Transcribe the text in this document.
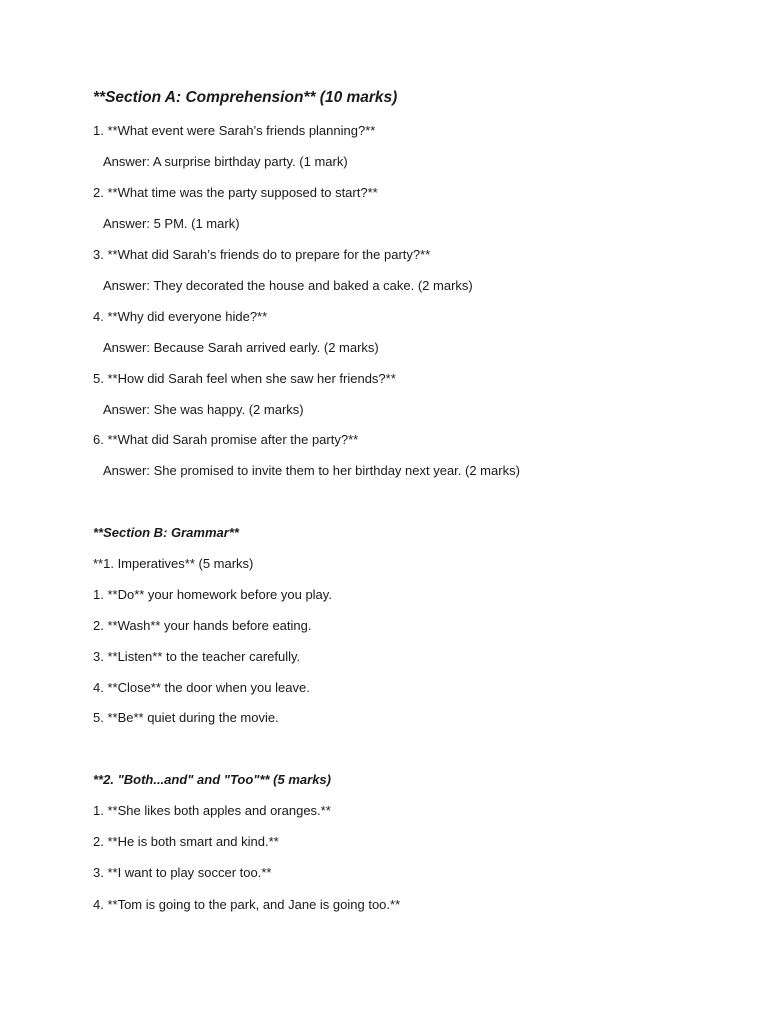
**Section A: Comprehension** (10 marks)
1. **What event were Sarah’s friends planning?**
Answer: A surprise birthday party. (1 mark)
2. **What time was the party supposed to start?**
Answer: 5 PM. (1 mark)
3. **What did Sarah’s friends do to prepare for the party?**
Answer: They decorated the house and baked a cake. (2 marks)
4. **Why did everyone hide?**
Answer: Because Sarah arrived early. (2 marks)
5. **How did Sarah feel when she saw her friends?**
Answer: She was happy. (2 marks)
6. **What did Sarah promise after the party?**
Answer: She promised to invite them to her birthday next year. (2 marks)
**Section B: Grammar**
**1. Imperatives** (5 marks)
1. **Do** your homework before you play.
2. **Wash** your hands before eating.
3. **Listen** to the teacher carefully.
4. **Close** the door when you leave.
5. **Be** quiet during the movie.
**2. "Both...and" and "Too"** (5 marks)
1. **She likes both apples and oranges.**
2. **He is both smart and kind.**
3. **I want to play soccer too.**
4. **Tom is going to the park, and Jane is going too.**
